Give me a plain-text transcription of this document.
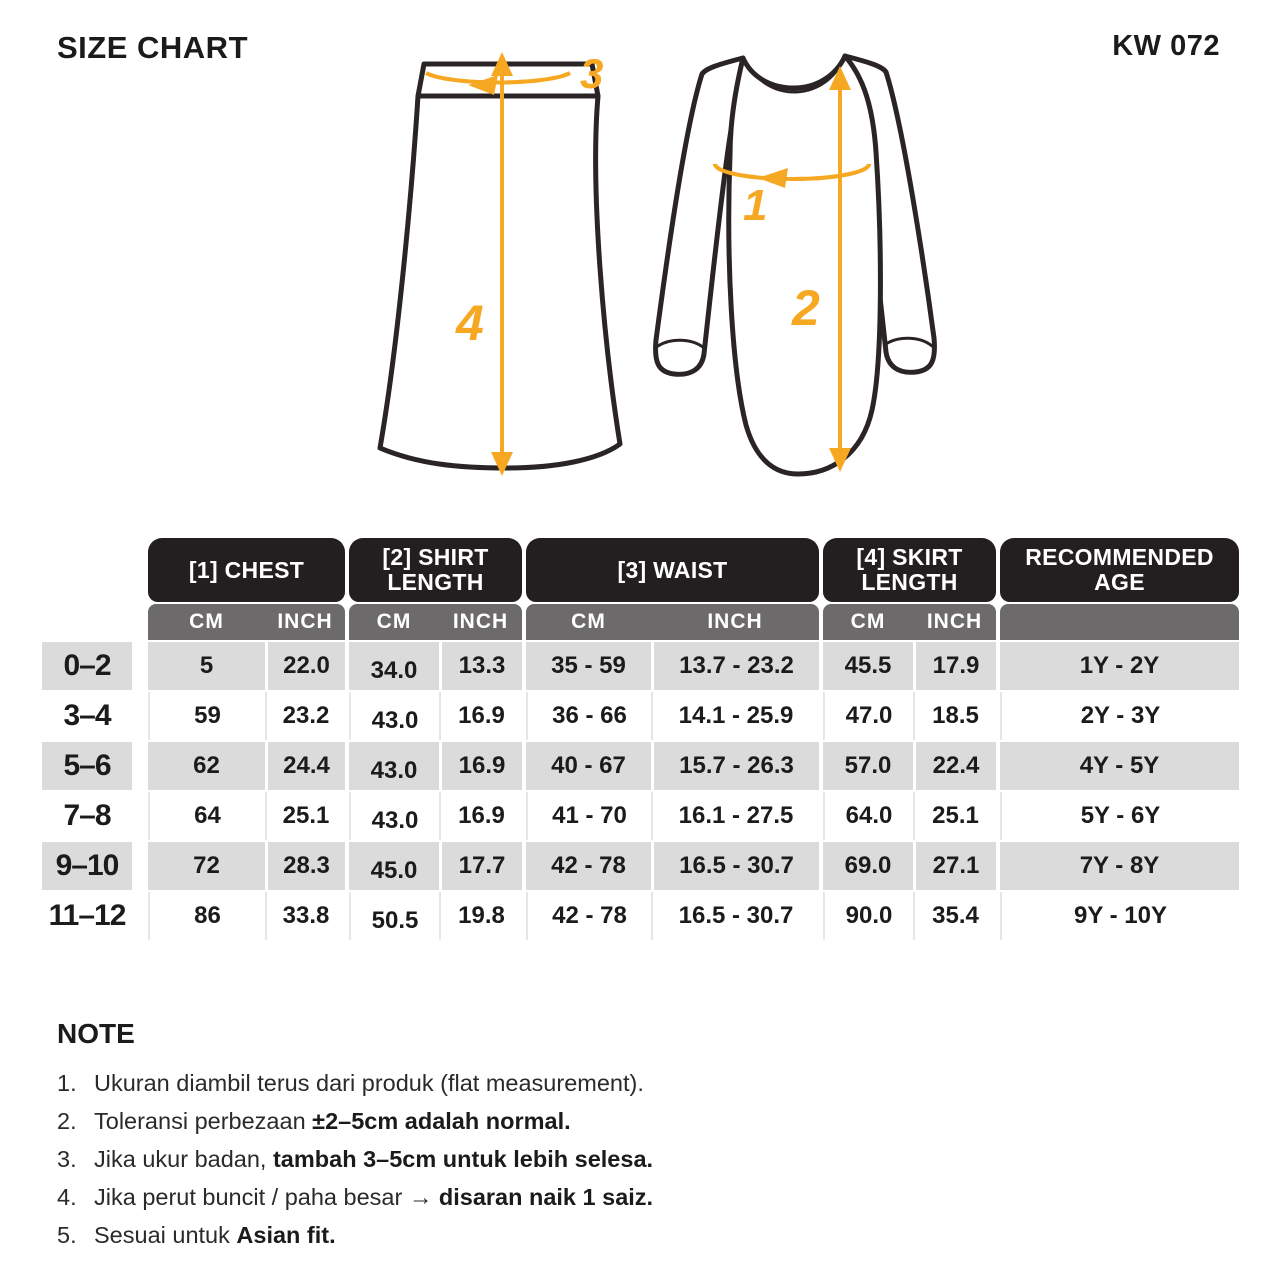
SIZE CHART	KW 072
3
4
1
2
[1] CHEST	[2] SHIRT LENGTH	[3] WAIST	[4] SKIRT LENGTH
RECOMMENDED AGE
CM	INCH	CM	INCH	CM	INCH	CM	INCH
0–2	5	22.0	34.0	13.3	35 - 59	13.7 - 23.2	45.5	17.9	1Y - 2Y
3–4	59	23.2	43.0	16.9	36 - 66	14.1 - 25.9	47.0	18.5	2Y - 3Y
5–6	62	24.4	43.0	16.9	40 - 67	15.7 - 26.3	57.0	22.4	4Y - 5Y
7–8	64	25.1	43.0	16.9	41 - 70	16.1 - 27.5	64.0	25.1	5Y - 6Y
9–10	72	28.3	45.0	17.7	42 - 78	16.5 - 30.7	69.0	27.1	7Y - 8Y
11–12	86	33.8	50.5	19.8	42 - 78	16.5 - 30.7	90.0	35.4	9Y - 10Y
NOTE
1. Ukuran diambil terus dari produk (flat measurement).
2. Toleransi perbezaan ±2–5cm adalah normal.
3. Jika ukur badan, tambah 3–5cm untuk lebih selesa.
4. Jika perut buncit / paha besar → disaran naik 1 saiz.
5. Sesuai untuk Asian fit.
